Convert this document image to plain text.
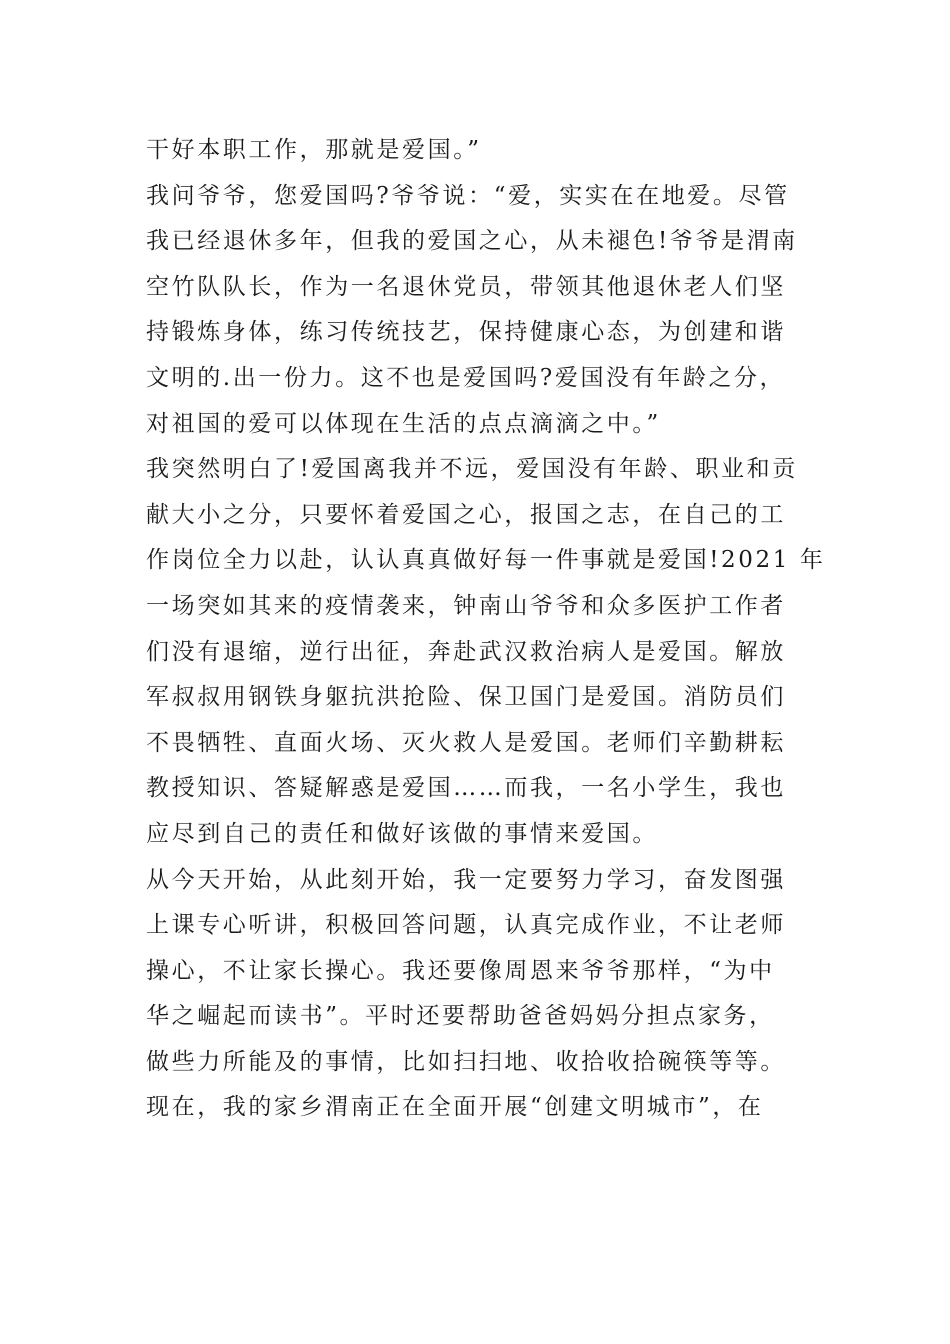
干好本职工作，那就是爱国。”
我问爷爷，您爱国吗?爷爷说：“爱，实实在在地爱。尽管
我已经退休多年，但我的爱国之心，从未褪色!爷爷是渭南
空竹队队长，作为一名退休党员，带领其他退休老人们坚
持锻炼身体，练习传统技艺，保持健康心态，为创建和谐
文明的.出一份力。这不也是爱国吗?爱国没有年龄之分，
对祖国的爱可以体现在生活的点点滴滴之中。”
我突然明白了!爱国离我并不远，爱国没有年龄、职业和贡
献大小之分，只要怀着爱国之心，报国之志，在自己的工
作岗位全力以赴，认认真真做好每一件事就是爱国!2021 年
一场突如其来的疫情袭来，钟南山爷爷和众多医护工作者
们没有退缩，逆行出征，奔赴武汉救治病人是爱国。解放
军叔叔用钢铁身躯抗洪抢险、保卫国门是爱国。消防员们
不畏牺牲、直面火场、灭火救人是爱国。老师们辛勤耕耘
教授知识、答疑解惑是爱国……而我，一名小学生，我也
应尽到自己的责任和做好该做的事情来爱国。
从今天开始，从此刻开始，我一定要努力学习，奋发图强
上课专心听讲，积极回答问题，认真完成作业，不让老师
操心，不让家长操心。我还要像周恩来爷爷那样，“为中
华之崛起而读书”。平时还要帮助爸爸妈妈分担点家务，
做些力所能及的事情，比如扫扫地、收拾收拾碗筷等等。
现在，我的家乡渭南正在全面开展“创建文明城市”，在
